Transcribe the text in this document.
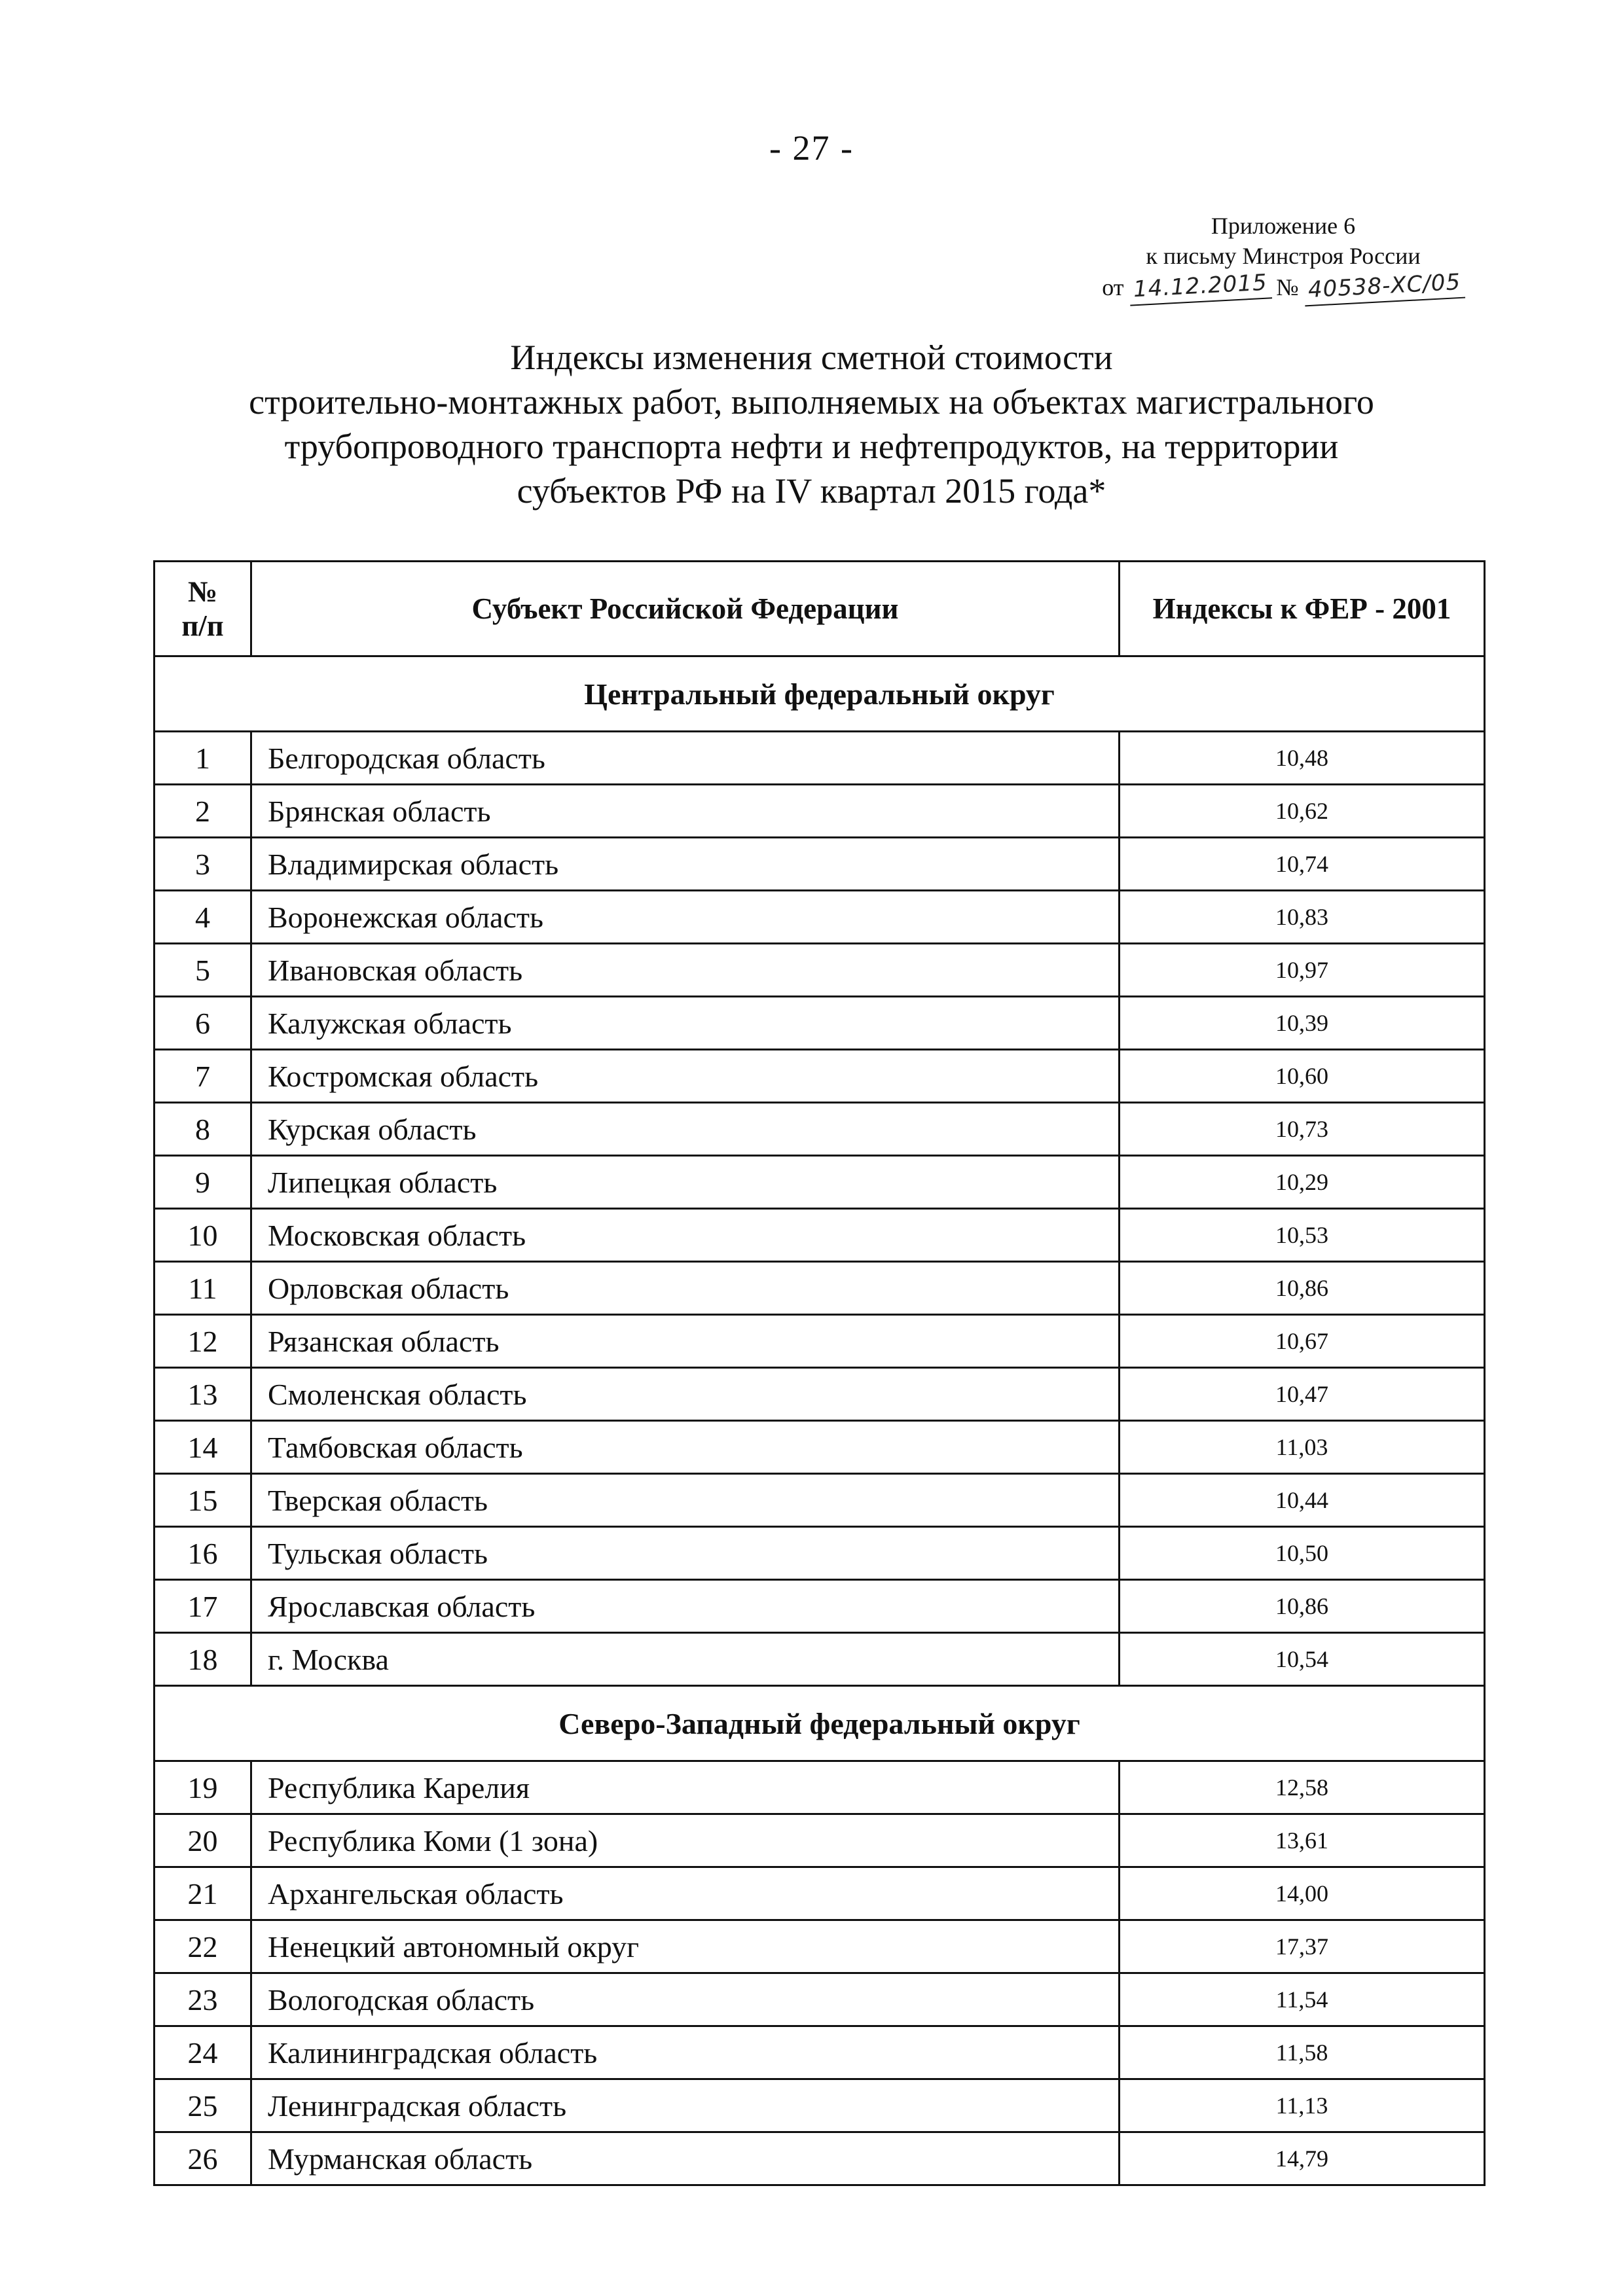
- 27 -
Приложение 6
к письму Минстроя России
от 14.12.2015 № 40538-ХС/05
Индексы изменения сметной стоимости
строительно-монтажных работ, выполняемых на объектах магистрального
трубопроводного транспорта нефти и нефтепродуктов, на территории
субъектов РФ на IV квартал 2015 года*
№
п/п	Субъект Российской Федерации	Индексы к ФЕР - 2001
Центральный федеральный округ		
1	Белгородская область	10,48
2	Брянская область	10,62
3	Владимирская область	10,74
4	Воронежская область	10,83
5	Ивановская область	10,97
6	Калужская область	10,39
7	Костромская область	10,60
8	Курская область	10,73
9	Липецкая область	10,29
10	Московская область	10,53
11	Орловская область	10,86
12	Рязанская область	10,67
13	Смоленская область	10,47
14	Тамбовская область	11,03
15	Тверская область	10,44
16	Тульская область	10,50
17	Ярославская область	10,86
18	г. Москва	10,54
Северо-Западный федеральный округ		
19	Республика Карелия	12,58
20	Республика Коми (1 зона)	13,61
21	Архангельская область	14,00
22	Ненецкий автономный округ	17,37
23	Вологодская область	11,54
24	Калининградская область	11,58
25	Ленинградская область	11,13
26	Мурманская область	14,79
